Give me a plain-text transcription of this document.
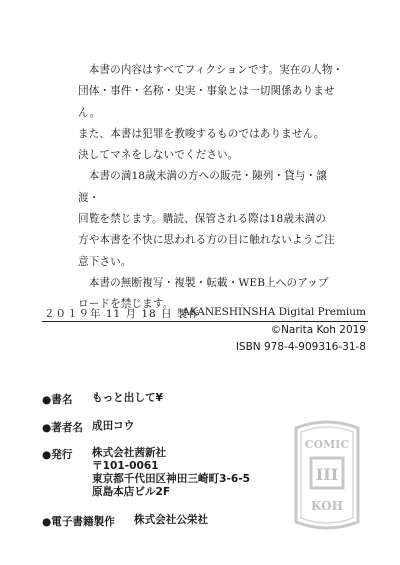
　本書の内容はすべてフィクションです。実在の人物・
団体・事件・名称・史実・事象とは一切関係ありません。
また、本書は犯罪を教唆するものではありません。
決してマネをしないでください。

　本書の満18歳未満の方への販売・陳列・貸与・譲渡・
回覧を禁じます。購読、保管される際は18歳未満の
方や本書を不快に思われる方の目に触れないようご注
意下さい。

　本書の無断複写・複製・転載・WEB上へのアップ
ロードを禁じます。

２０１９年 11 月 18 日 製作
AKANESHINSHA Digital Premium
©Narita Koh 2019
ISBN 978-4-909316-31-8
●書名 もっと出して¥
●著者名 成田コウ
●発行 株式会社茜新社
〒101-0061
東京都千代田区神田三崎町3-6-5
原島本店ビル2F
●電子書籍製作 株式会社公栄社
COMIC
III
KOH
